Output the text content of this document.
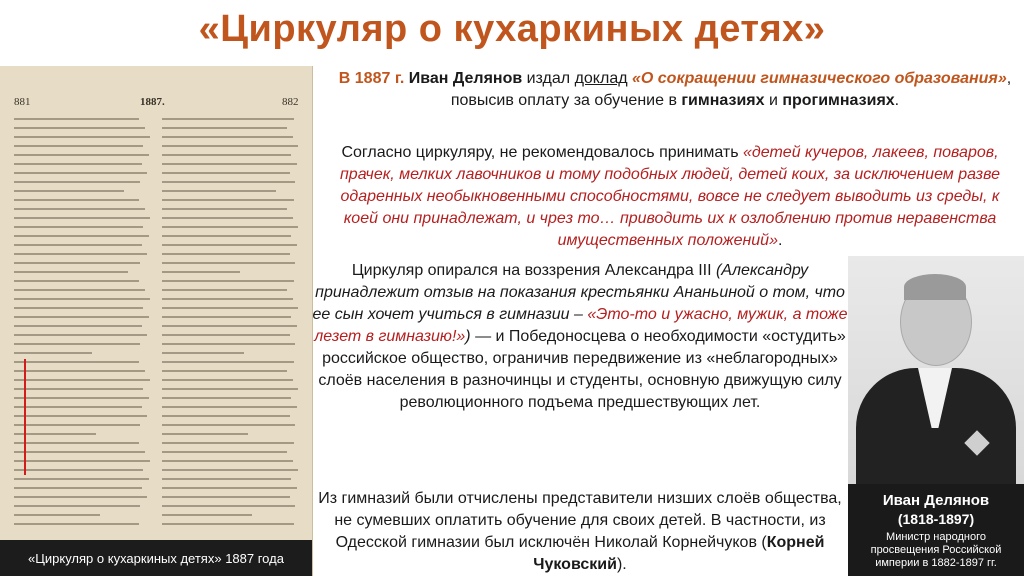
«Циркуляр о кухаркиных детях»
881	1887.	882
«Циркуляр о кухаркиных детях» 1887 года
В 1887 г. Иван Делянов издал доклад «О сокращении гимназического образования», повысив оплату за обучение в гимназиях и прогимназиях.
Согласно циркуляру, не рекомендовалось принимать «детей кучеров, лакеев, поваров, прачек, мелких лавочников и тому подобных людей, детей коих, за исключением разве одаренных необыкновенными способностями, вовсе не следует выводить из среды, к коей они принадлежат, и чрез то… приводить их к озлоблению против неравенства имущественных положений».
Циркуляр опирался на воззрения Александра III (Александру принадлежит отзыв на показания крестьянки Ананьиной о том, что ее сын хочет учиться в гимназии – «Это-то и ужасно, мужик, а тоже лезет в гимназию!») — и Победоносцева о необходимости «остудить» российское общество, ограничив передвижение из «неблагородных» слоёв населения в разночинцы и студенты, основную движущую силу революционного подъема предшествующих лет.
Из гимназий были отчислены представители низших слоёв общества, не сумевших оплатить обучение для своих детей. В частности, из Одесской гимназии был исключён Николай Корнейчуков (Корней Чуковский).
Иван Делянов
(1818-1897)
Министр народного просвещения Российской империи в 1882-1897 гг.
